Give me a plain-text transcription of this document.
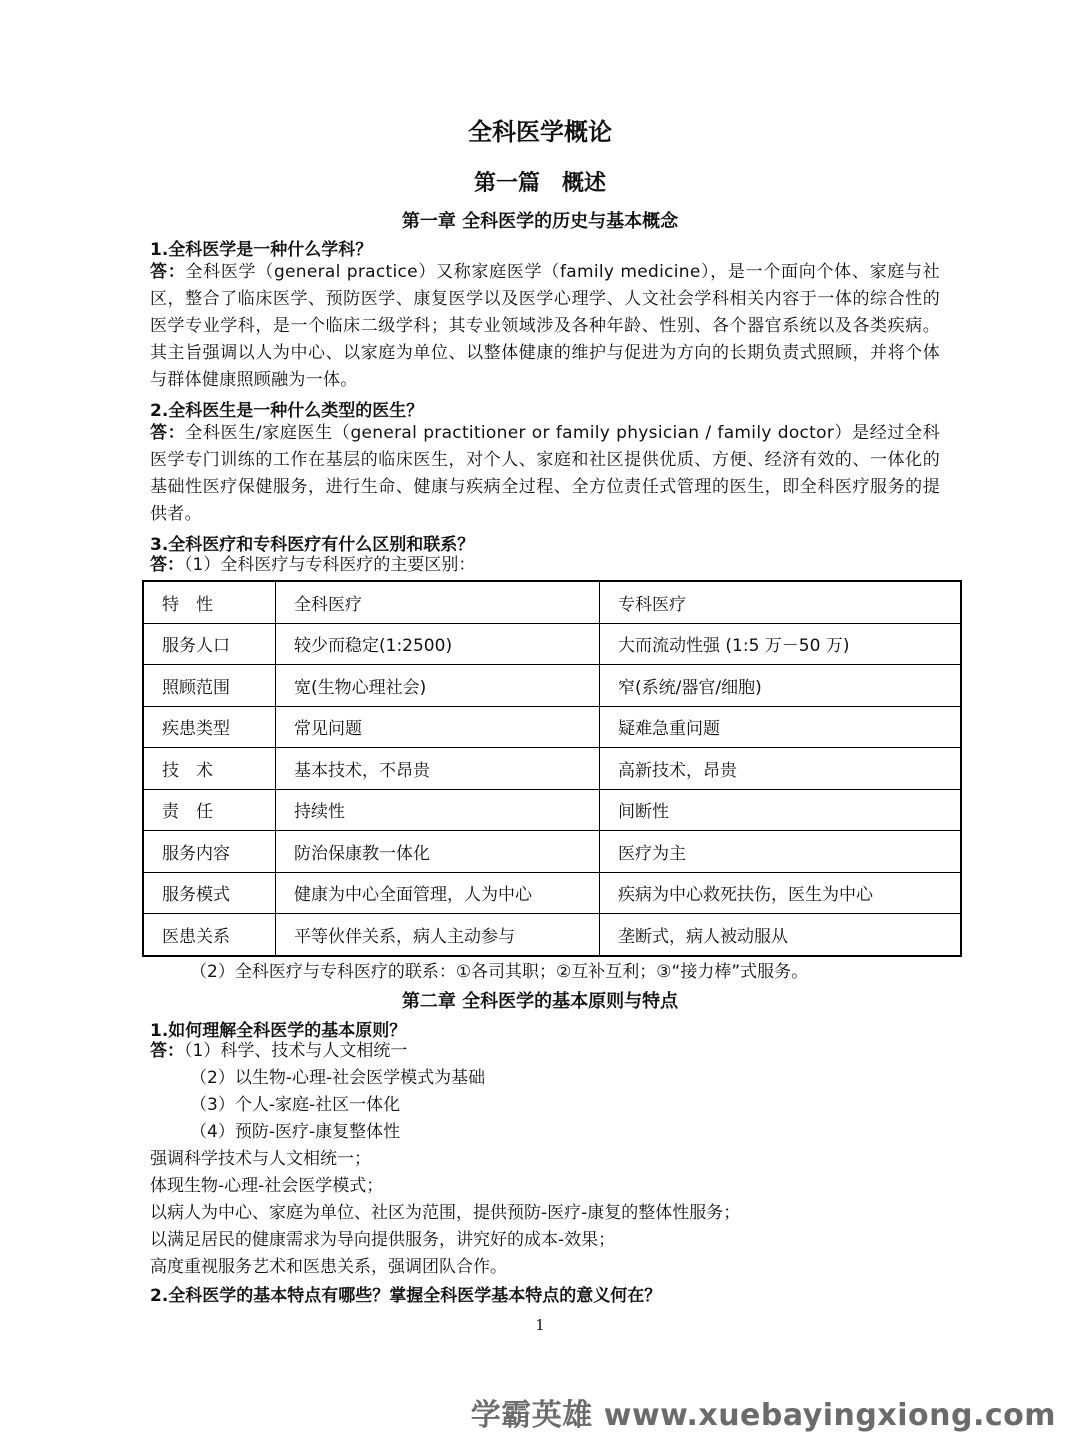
全科医学概论
第一篇　概述
第一章 全科医学的历史与基本概念
1.全科医学是一种什么学科？
答：全科医学（general practice）又称家庭医学（family medicine），是一个面向个体、家庭与社区，整合了临床医学、预防医学、康复医学以及医学心理学、人文社会学科相关内容于一体的综合性的医学专业学科，是一个临床二级学科；其专业领域涉及各种年龄、性别、各个器官系统以及各类疾病。其主旨强调以人为中心、以家庭为单位、以整体健康的维护与促进为方向的长期负责式照顾，并将个体与群体健康照顾融为一体。
2.全科医生是一种什么类型的医生？
答：全科医生/家庭医生（general practitioner or family physician / family doctor）是经过全科医学专门训练的工作在基层的临床医生，对个人、家庭和社区提供优质、方便、经济有效的、一体化的基础性医疗保健服务，进行生命、健康与疾病全过程、全方位责任式管理的医生，即全科医疗服务的提供者。
3.全科医疗和专科医疗有什么区别和联系？
答：（1）全科医疗与专科医疗的主要区别：
特　性	全科医疗	专科医疗
服务人口	较少而稳定(1:2500)	大而流动性强 (1:5 万－50 万)
照顾范围	宽(生物心理社会)	窄(系统/器官/细胞)
疾患类型	常见问题	疑难急重问题
技　术	基本技术，不昂贵	高新技术，昂贵
责　任	持续性	间断性
服务内容	防治保康教一体化	医疗为主
服务模式	健康为中心全面管理，人为中心	疾病为中心救死扶伤，医生为中心
医患关系	平等伙伴关系，病人主动参与	垄断式，病人被动服从
（2）全科医疗与专科医疗的联系：①各司其职；②互补互利；③“接力棒”式服务。
第二章 全科医学的基本原则与特点
1.如何理解全科医学的基本原则？
答：（1）科学、技术与人文相统一
（2）以生物-心理-社会医学模式为基础
（3）个人-家庭-社区一体化
（4）预防-医疗-康复整体性
强调科学技术与人文相统一；
体现生物-心理-社会医学模式；
以病人为中心、家庭为单位、社区为范围，提供预防-医疗-康复的整体性服务；
以满足居民的健康需求为导向提供服务，讲究好的成本-效果；
高度重视服务艺术和医患关系，强调团队合作。
2.全科医学的基本特点有哪些？掌握全科医学基本特点的意义何在？
1
学霸英雄 www.xuebayingxiong.com
